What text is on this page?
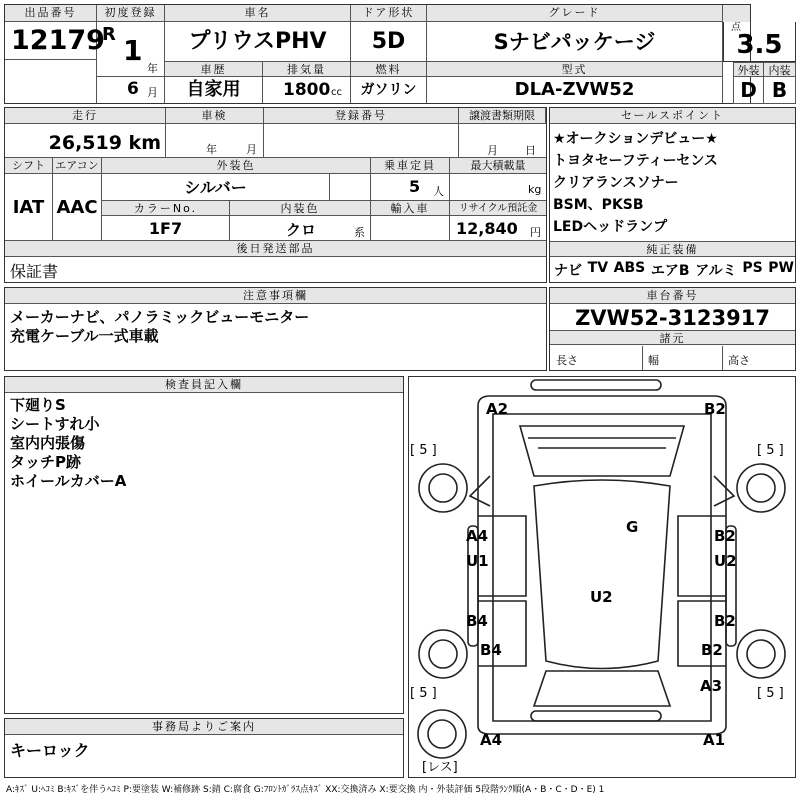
出品番号
12179
初度登録
R 1
年
6 月
車名
プリウスPHV
ドア形状
5D
グレード
Sナビパッケージ
点
3.5
車歴
自家用
排気量
1800 cc
燃料
ガソリン
型式
DLA-ZVW52
外装 内装
D B
走行
26,519 km
車検
年	月
登録番号	譲渡書類期限
月 日
シフト
IAT
エアコン
AAC
外装色
シルバー
乗車定員
5 人
最大積載量
kg
カラーNo.
1F7
内装色
クロ	系
輸入車	リサイクル預託金
12,840 円
後日発送部品
保証書
セールスポイント
★オークションデビュー★
トヨタセーフティーセンス
クリアランスソナー
BSM、PKSB
LEDヘッドランプ
純正装備
ナビ TV ABS エアB アルミ PS PW
注意事項欄
メーカーナビ、パノラミックビューモニター
充電ケーブル一式車載
車台番号
ZVW52-3123917
諸元
長さ	幅	高さ
検査員記入欄
下廻りS
シートすれ小
室内内張傷
タッチP跡
ホイールカバーA
事務局よりご案内
キーロック
A2	B2
G
A4
U1
B2
U2
U2
B4	B2
B4	B2
A3
A4	A1
[ 5 ]	[ 5 ]
[ 5 ]	[ 5 ]
[レス]
A:ｷｽﾞ U:ﾍｺﾐ B:ｷｽﾞを伴うﾍｺﾐ P:要塗装 W:補修跡 S:錆 C:腐食 G:ﾌﾛﾝﾄｶﾞﾗｽ点ｷｽﾞ XX:交換済み X:要交換 内・外装評価 5段階ﾗﾝｸ順(A・B・C・D・E) 1
